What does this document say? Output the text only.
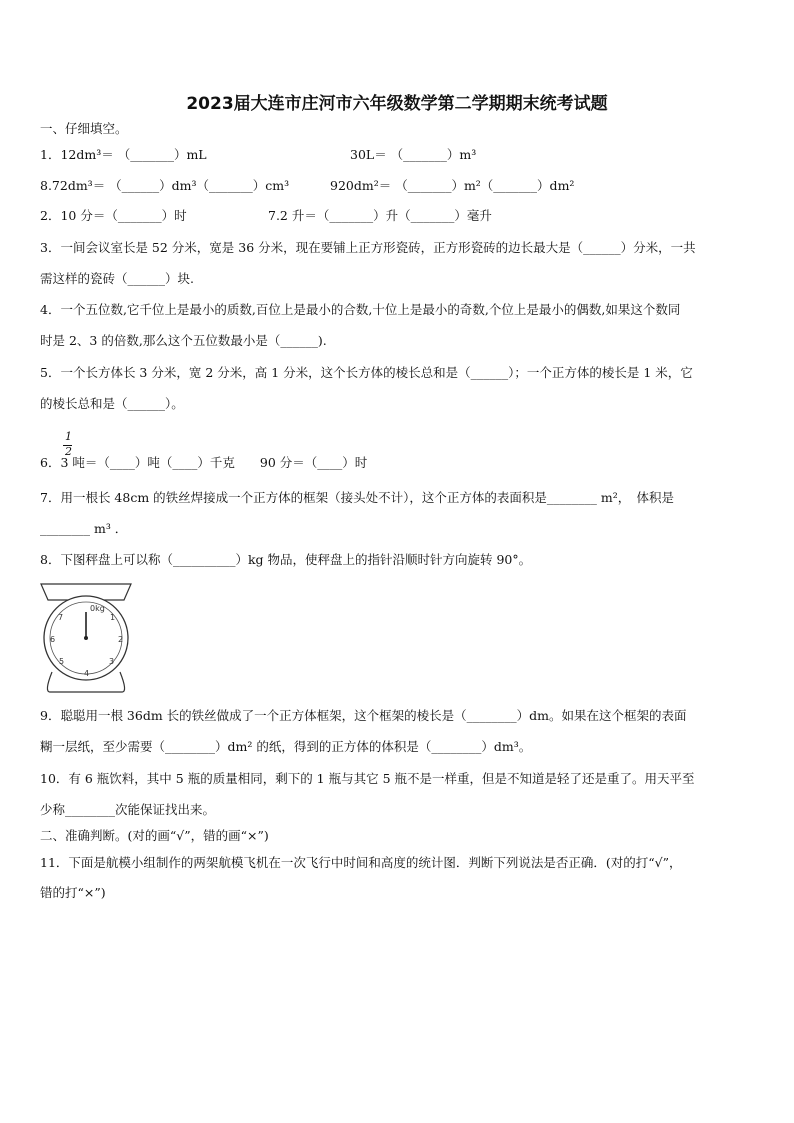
2023届大连市庄河市六年级数学第二学期期末统考试题
一、仔细填空。
1．12dm³＝ （_______）mL	30L＝ （_______）m³
8.72dm³＝ （______）dm³（_______）cm³	920dm²＝ （_______）m²（_______）dm²
2．10 分＝（_______）时	7.2 升＝（_______）升（_______）毫升
3．一间会议室长是 52 分米，宽是 36 分米，现在要铺上正方形瓷砖，正方形瓷砖的边长最大是（______）分米，一共
需这样的瓷砖（______）块.
4．一个五位数,它千位上是最小的质数,百位上是最小的合数,十位上是最小的奇数,个位上是最小的偶数,如果这个数同
时是 2、3 的倍数,那么这个五位数最小是（______).
5．一个长方体长 3 分米，宽 2 分米，高 1 分米，这个长方体的棱长总和是（______）；一个正方体的棱长是 1 米，它
的棱长总和是（______）。
1
2
6．3 吨＝（____）吨（____）千克　　90 分＝（____）时
7．用一根长 48cm 的铁丝焊接成一个正方体的框架（接头处不计），这个正方体的表面积是________ m²，　体积是
________ m³ ．
8．下图秤盘上可以称（__________）kg 物品，使秤盘上的指针沿顺时针方向旋转 90°。
0kg
1
2
3
4
5
6
7
9．聪聪用一根 36dm 长的铁丝做成了一个正方体框架，这个框架的棱长是（________）dm。如果在这个框架的表面
糊一层纸，至少需要（________）dm² 的纸，得到的正方体的体积是（________）dm³。
10．有 6 瓶饮料，其中 5 瓶的质量相同，剩下的 1 瓶与其它 5 瓶不是一样重，但是不知道是轻了还是重了。用天平至
少称________次能保证找出来。
二、准确判断。(对的画“√”，错的画“×”)
11．下面是航模小组制作的两架航模飞机在一次飞行中时间和高度的统计图．判断下列说法是否正确．(对的打“√”，
错的打“×”)
